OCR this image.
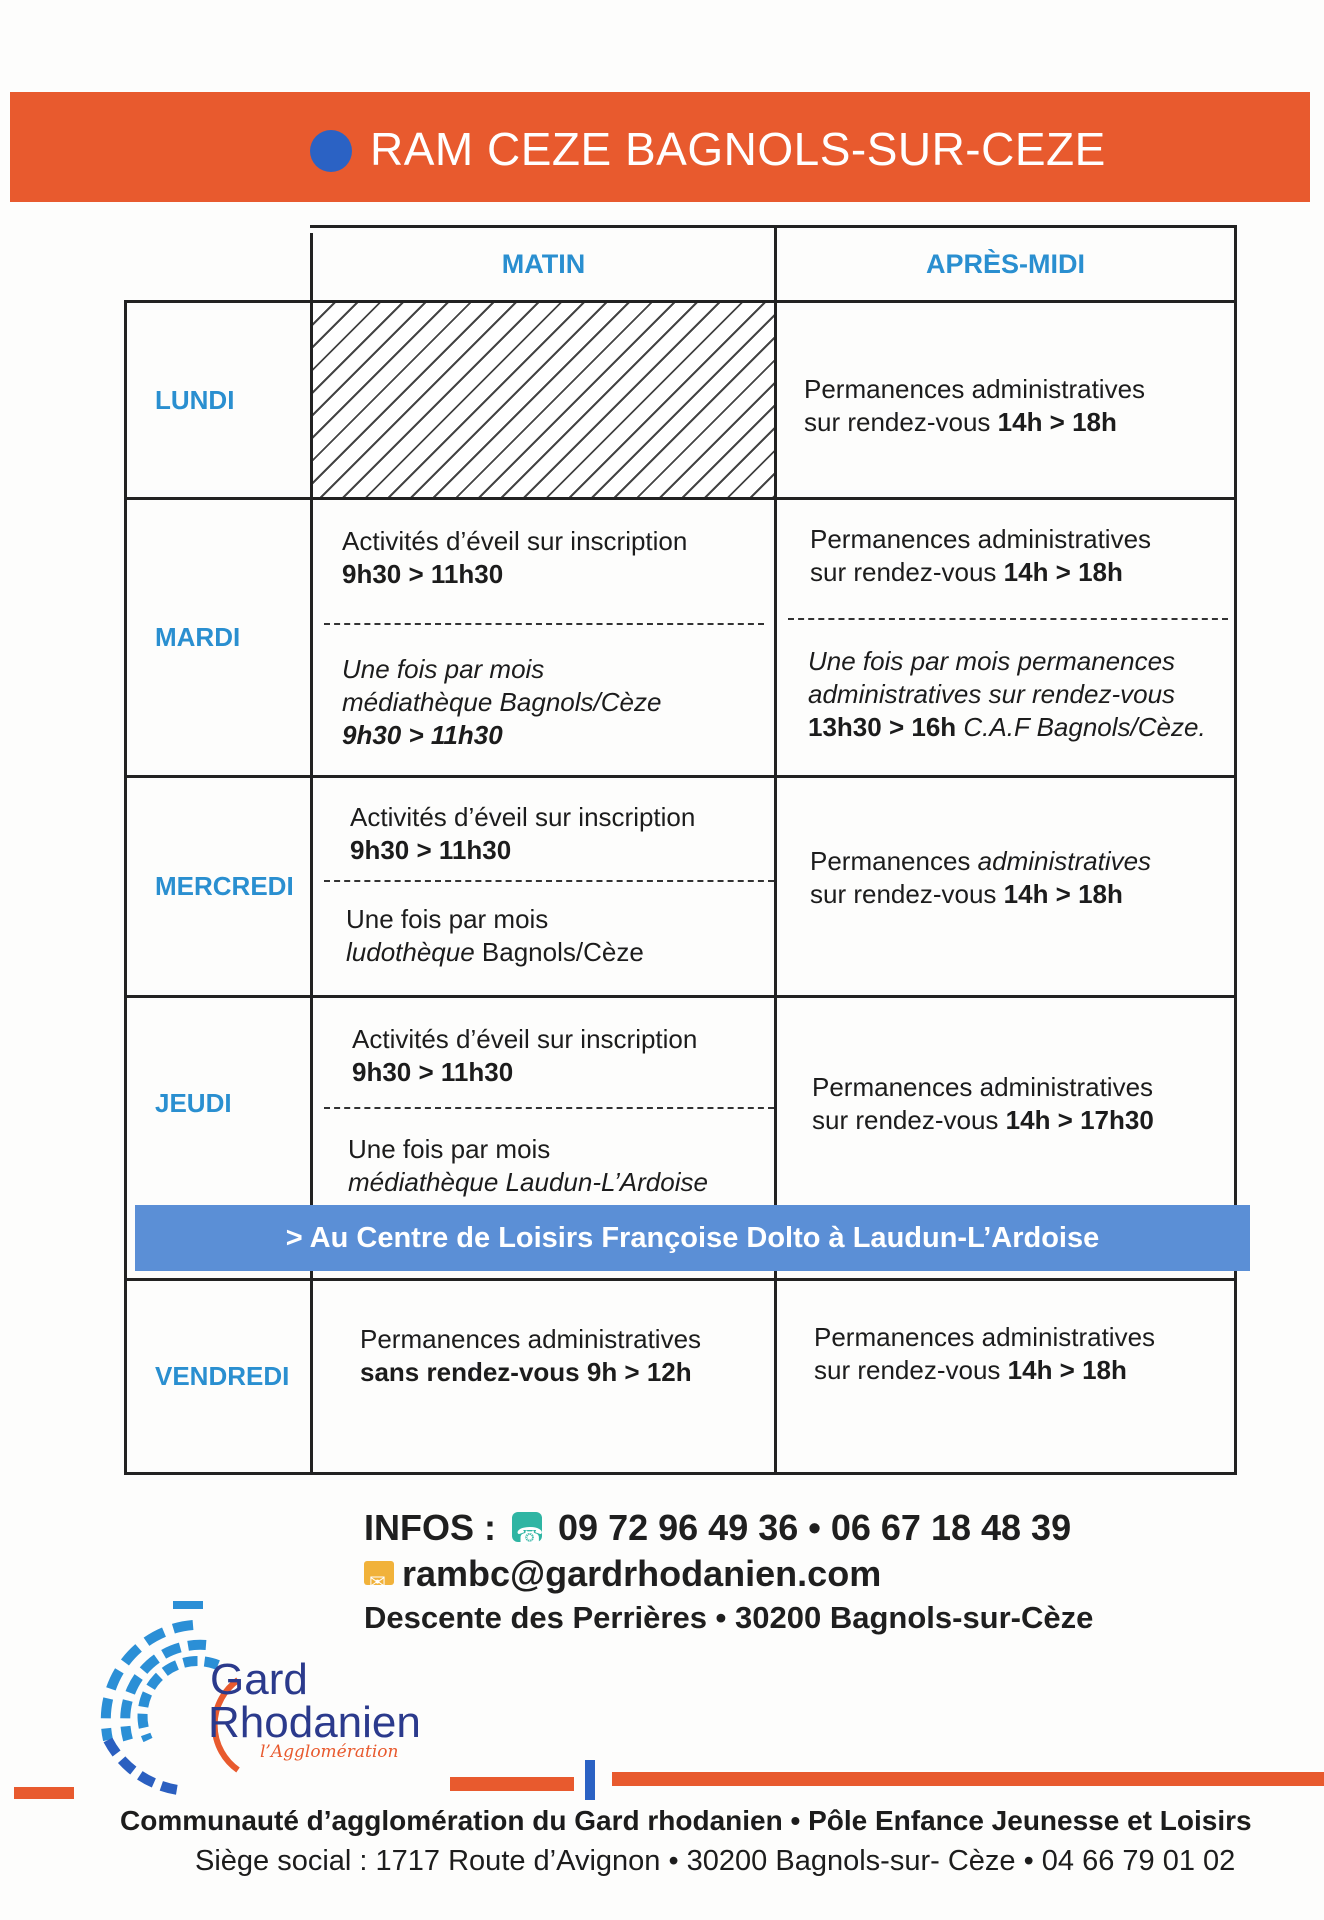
RAM CEZE BAGNOLS-SUR-CEZE
MATIN	APRÈS-MIDI
LUNDI	Permanences administratives
sur rendez-vous 14h > 18h
MARDI
Activités d’éveil sur inscription
9h30 > 11h30
Une fois par mois
médiathèque Bagnols/Cèze
9h30 > 11h30
Permanences administratives
sur rendez-vous 14h > 18h
Une fois par mois permanences
administratives sur rendez-vous
13h30 > 16h C.A.F Bagnols/Cèze.
MERCREDI
Activités d’éveil sur inscription
9h30 > 11h30
Une fois par mois
ludothèque Bagnols/Cèze
Permanences administratives
sur rendez-vous 14h > 18h
JEUDI
Activités d’éveil sur inscription
9h30 > 11h30
Une fois par mois
médiathèque Laudun-L’Ardoise
Permanences administratives
sur rendez-vous 14h > 17h30
VENDREDI
Permanences administratives
sans rendez-vous 9h > 12h
Permanences administratives
sur rendez-vous 14h > 18h
> Au Centre de Loisirs Françoise Dolto à Laudun-L’Ardoise
INFOS : ☎ 09 72 96 49 36 • 06 67 18 48 39
✉rambc@gardrhodanien.com
Descente des Perrières • 30200 Bagnols-sur-Cèze
Gard
Rhodanien
l’Agglomération
Communauté d’agglomération du Gard rhodanien • Pôle Enfance Jeunesse et Loisirs
Siège social : 1717 Route d’Avignon • 30200 Bagnols-sur- Cèze • 04 66 79 01 02
